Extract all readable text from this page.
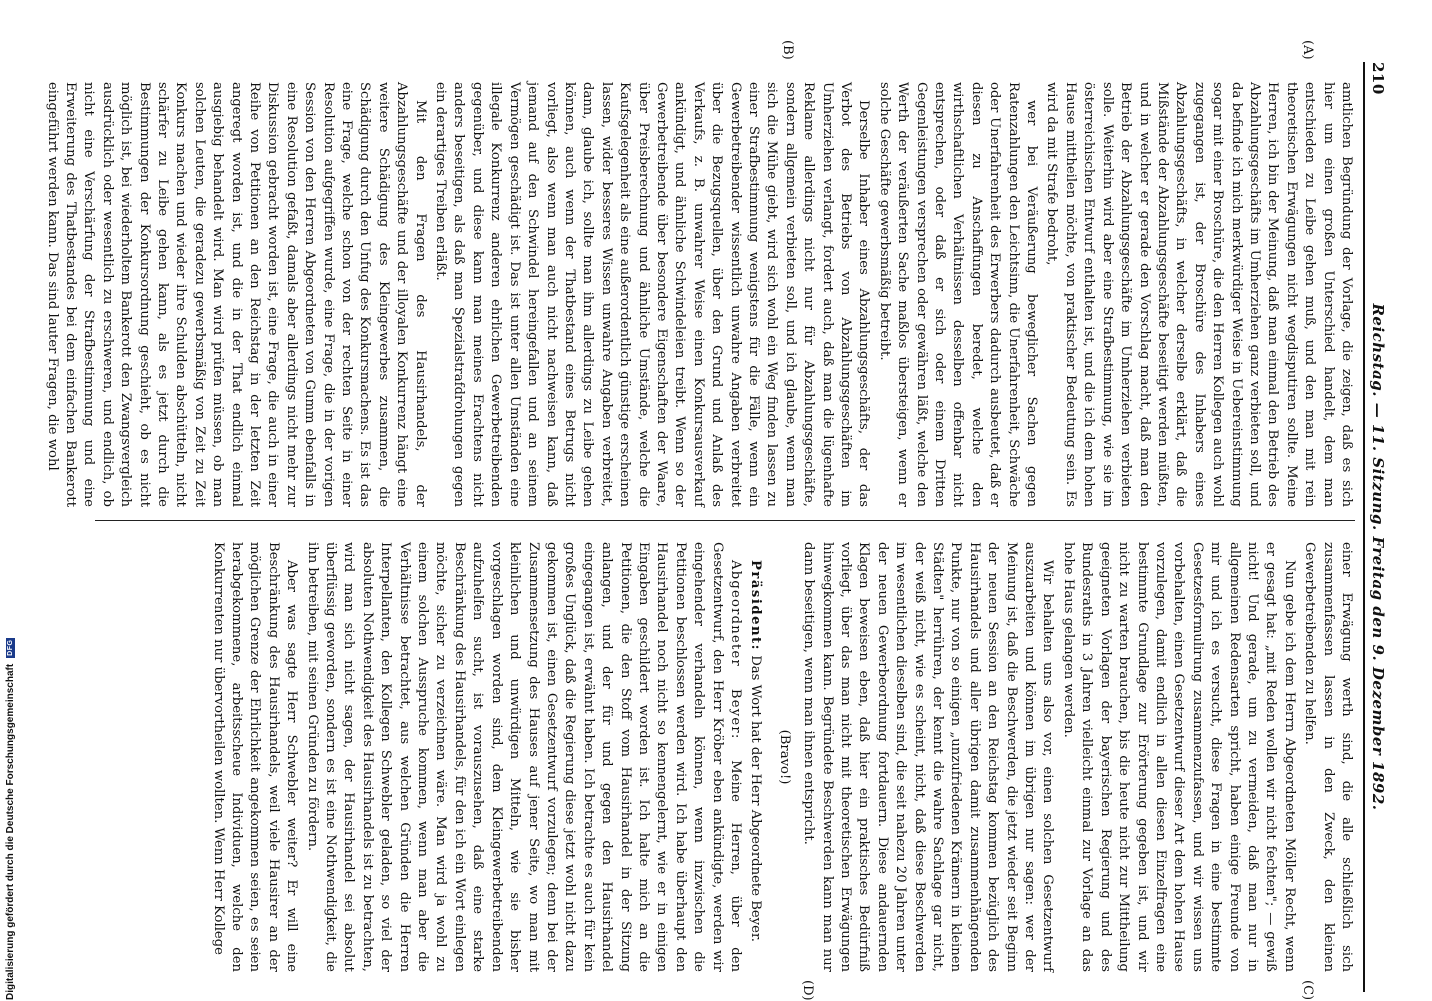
210
Reichstag. — 11. Sitzung. Freitag den 9. Dezember 1892.
(A)
(B)
(C)
(D)

amtlichen Begründung der Vorlage, die zeigen, daß es sich hier um einen großen Unterschied handelt, dem man entschieden zu Leibe gehen muß, und den man mit rein theoretischen Erwägungen nicht wegdisputiren sollte. Meine Herren, ich bin der Meinung, daß man einmal den Betrieb des Abzahlungsgeschäfts im Umherziehen ganz verbieten soll, und da befinde ich mich merkwürdiger Weise in Uebereinstimmung sogar mit einer Broschüre, die den Herren Kollegen auch wohl zugegangen ist, der Broschüre des Inhabers eines Abzahlungsgeschäfts, in welcher derselbe erklärt, daß die Mißstände der Abzahlungsgeschäfte beseitigt werden müßten, und in welcher er gerade den Vorschlag macht, daß man den Betrieb der Abzahlungsgeschäfte im Umherziehen verbieten solle. Weiterhin wird aber eine Strafbestimmung, wie sie im österreichischen Entwurf enthalten ist, und die ich dem hohen Hause mittheilen möchte, von praktischer Bedeutung sein. Es wird da mit Strafe bedroht,

wer bei Veräußerung beweglicher Sachen gegen Ratenzahlungen den Leichtsinn, die Unerfahrenheit, Schwäche oder Unerfahrenheit des Erwerbers dadurch ausbeutet, daß er diesen zu Anschaffungen beredet, welche den wirthschaftlichen Verhältnissen desselben offenbar nicht entsprechen, oder daß er sich oder einem Dritten Gegenleistungen versprechen oder gewähren läßt, welche den Werth der veräußerten Sache maßlos übersteigen, wenn er solche Geschäfte gewerbsmäßig betreibt.

Derselbe Inhaber eines Abzahlungsgeschäfts, der das Verbot des Betriebs von Abzahlungsgeschäften im Umherziehen verlangt, fordert auch, daß man die lügenhafte Reklame allerdings nicht nur für Abzahlungsgeschäfte, sondern allgemein verbieten soll, und ich glaube, wenn man sich die Mühe giebt, wird sich wohl ein Weg finden lassen zu einer Strafbestimmung wenigstens für die Fälle, wenn ein Gewerbetreibender wissentlich unwahre Angaben verbreitet über die Bezugsquellen, über den Grund und Anlaß des Verkaufs, z. B. unwahrer Weise einen Konkursausverkauf ankündigt, und ähnliche Schwindeleien treibt. Wenn so der Gewerbetreibende über besondere Eigenschaften der Waare, über Preisberechnung und ähnliche Umstände, welche die Kaufsgelegenheit als eine außerordentlich günstige erscheinen lassen, wider besseres Wissen unwahre Angaben verbreitet, dann, glaube ich, sollte man ihm allerdings zu Leibe gehen können, auch wenn der Thatbestand eines Betrugs nicht vorliegt, also wenn man auch nicht nachweisen kann, daß jemand auf den Schwindel hereingefallen und an seinem Vermögen geschädigt ist. Das ist unter allen Umständen eine illegale Konkurrenz anderen ehrlichen Gewerbetreibenden gegenüber, und diese kann man meines Erachtens nicht anders beseitigen, als daß man Spezialstrafdrohungen gegen ein derartiges Treiben erläßt.

Mit den Fragen des Hausirhandels, der Abzahlungsgeschäfte und der illoyalen Konkurrenz hängt eine weitere Schädigung des Kleingewerbes zusammen, die Schädigung durch den Unfug des Konkursmachens. Es ist das eine Frage, welche schon von der rechten Seite in einer Resolution aufgegriffen wurde, eine Frage, die in der vorigen Session von den Herren Abgeordneten von Gumm ebenfalls in eine Resolution gefaßt, damals aber allerdings nicht mehr zur Diskussion gebracht worden ist, eine Frage, die auch in einer Reihe von Petitionen an den Reichstag in der letzten Zeit angeregt worden ist, und die in der That endlich einmal ausgiebig behandelt wird. Man wird prüfen müssen, ob man solchen Leuten, die geradezu gewerbsmäßig von Zeit zu Zeit Konkurs machen und wieder ihre Schulden abschütteln, nicht schärfer zu Leibe gehen kann, als es jetzt durch die Bestimmungen der Konkursordnung geschieht, ob es nicht möglich ist, bei wiederholtem Bankerott den Zwangsvergleich ausdrücklich oder wesentlich zu erschweren, und endlich, ob nicht eine Verschärfung der Strafbestimmung und eine Erweiterung des Thatbestandes bei dem einfachen Bankerott eingeführt werden kann. Das sind lauter Fragen, die wohl

einer Erwägung werth sind, die alle schließlich sich zusammenfassen lassen in den Zweck, den kleinen Gewerbetreibenden zu helfen.

Nun gebe ich dem Herrn Abgeordneten Möller Recht, wenn er gesagt hat: „mit Reden wollen wir nicht fechten"; — gewiß nicht! Und gerade, um zu vermeiden, daß man nur in allgemeinen Redensarten spricht, haben einige Freunde von mir und ich es versucht, diese Fragen in eine bestimmte Gesetzesformulirung zusammenzufassen, und wir wissen uns vorbehalten, einen Gesetzentwurf dieser Art dem hohen Hause vorzulegen, damit endlich in allen diesen Einzelfragen eine bestimmte Grundlage zur Erörterung gegeben ist, und wir nicht zu warten brauchen, bis die heute nicht zur Mittheilung geeigneten Vorlagen der bayerischen Regierung und des Bundesraths in 3 Jahren vielleicht einmal zur Vorlage an das hohe Haus gelangen werden.

Wir behalten uns also vor, einen solchen Gesetzentwurf auszuarbeiten und können im übrigen nur sagen: wer der Meinung ist, daß die Beschwerden, die jetzt wieder seit Beginn der neuen Session an den Reichstag kommen bezüglich des Hausirhandels und aller übrigen damit zusammenhängenden Punkte, nur von so einigen „unzufriedenen Krämern in kleinen Städten" herrühren, der kennt die wahre Sachlage gar nicht, der weiß nicht, wie es scheint, nicht, daß diese Beschwerden im wesentlichen dieselben sind, die seit nahezu 20 Jahren unter der neuen Gewerbeordnung fortdauern. Diese andauernden Klagen beweisen eben, daß hier ein praktisches Bedürfniß vorliegt, über das man nicht mit theoretischen Erwägungen hinwegkommen kann. Begründete Beschwerden kann man nur dann beseitigen, wenn man ihnen entspricht.

(Bravo!)

Präsident: Das Wort hat der Herr Abgeordnete Beyer.

Abgeordneter Beyer: Meine Herren, über den Gesetzentwurf, den Herr Kröber eben ankündigte, werden wir eingehender verhandeln können, wenn inzwischen die Petitionen beschlossen werden wird. Ich habe überhaupt den Hausirhandel noch nicht so kennengelernt, wie er in einigen Eingaben geschildert worden ist. Ich halte mich an die Petitionen, die den Stoff vom Hausirhandel in der Sitzung anlangen, und der für und gegen den Hausirhandel eingegangen ist, erwähnt haben. Ich betrachte es auch für kein großes Unglück, daß die Regierung diese jetzt wohl nicht dazu gekommen ist, einen Gesetzentwurf vorzulegen; denn bei der Zusammensetzung des Hauses auf jener Seite, wo man mit kleinlichen und unwürdigen Mitteln, wie sie bisher vorgeschlagen worden sind, dem Kleingewerbetreibenden aufzuhelfen sucht, ist vorauszusehen, daß eine starke Beschränkung des Hausirhandels, für den ich ein Wort einlegen möchte, sicher zu verzeichnen wäre. Man wird ja wohl zu einem solchen Ausspruche kommen, wenn man aber die Verhältnisse betrachtet, aus welchen Gründen die Herren Interpellanten, den Kollegen Schwebler geladen, so viel der absoluten Nothwendigkeit des Hausirhandels ist zu betrachten, wird man sich nicht sagen, der Hausirhandel sei absolut überflüssig geworden, sondern es ist eine Nothwendigkeit, die ihn betreiben, mit seinen Gründen zu fördern.

Aber was sagte Herr Schwebler weiter? Er will eine Beschränkung des Hausirhandels, weil viele Hausirer an der möglichen Grenze der Ehrlichkeit angekommen seien, es seien herabgekommene, arbeitsscheue Individuen, welche den Konkurrenten nur übervortheilen wollten. Wenn Herr Kollege

Digitalisierung gefördert durch die Deutsche Forschungsgemeinschaft
DFG
